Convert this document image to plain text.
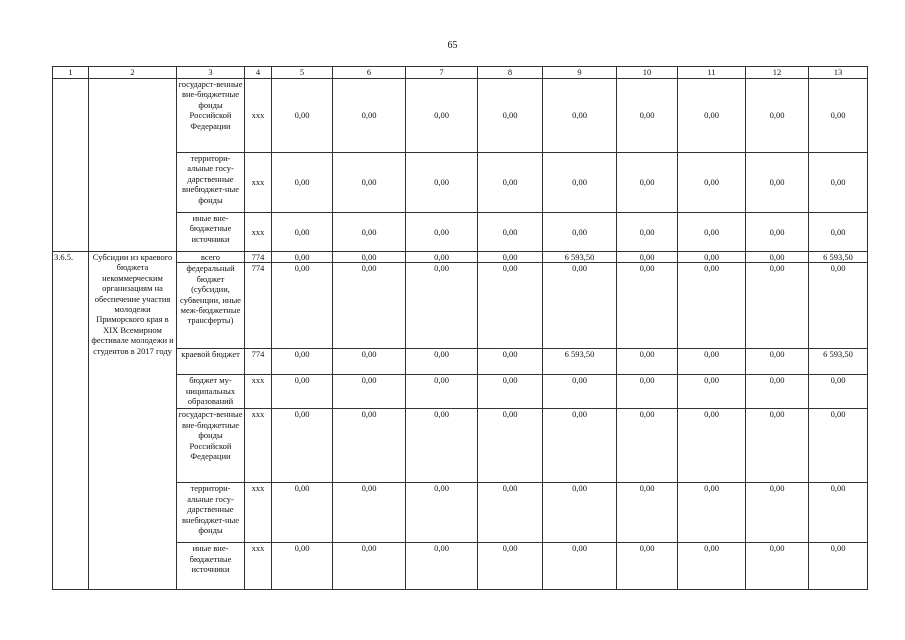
65
1	2	3	4	5	6	7	8	9	10	11	12	13
		государст-венные вне-бюджетные фонды Российской Федерации	xxx	0,00	0,00	0,00	0,00	0,00	0,00	0,00	0,00	0,00
		территори-альные госу-дарственные внебюджет-ные фонды	xxx	0,00	0,00	0,00	0,00	0,00	0,00	0,00	0,00	0,00
		иные вне-бюджетные источники	xxx	0,00	0,00	0,00	0,00	0,00	0,00	0,00	0,00	0,00
3.6.5.	Субсидии из краевого бюджета некоммерческим организациям на обеспечение участия молодежи Приморского края в XIX Всемирном фестивале молодежи и студентов в 2017 году	всего	774	0,00	0,00	0,00	0,00	6 593,50	0,00	0,00	0,00	6 593,50
		федеральный бюджет (субсидии, субвенции, иные меж-бюджетные трансферты)	774	0,00	0,00	0,00	0,00	0,00	0,00	0,00	0,00	0,00
		краевой бюджет	774	0,00	0,00	0,00	0,00	6 593,50	0,00	0,00	0,00	6 593,50
		бюджет му-ниципальных образований	xxx	0,00	0,00	0,00	0,00	0,00	0,00	0,00	0,00	0,00
		государст-венные вне-бюджетные фонды Российской Федерации	xxx	0,00	0,00	0,00	0,00	0,00	0,00	0,00	0,00	0,00
		территори-альные госу-дарственные внебюджет-ные фонды	xxx	0,00	0,00	0,00	0,00	0,00	0,00	0,00	0,00	0,00
		иные вне-бюджетные источники	xxx	0,00	0,00	0,00	0,00	0,00	0,00	0,00	0,00	0,00
